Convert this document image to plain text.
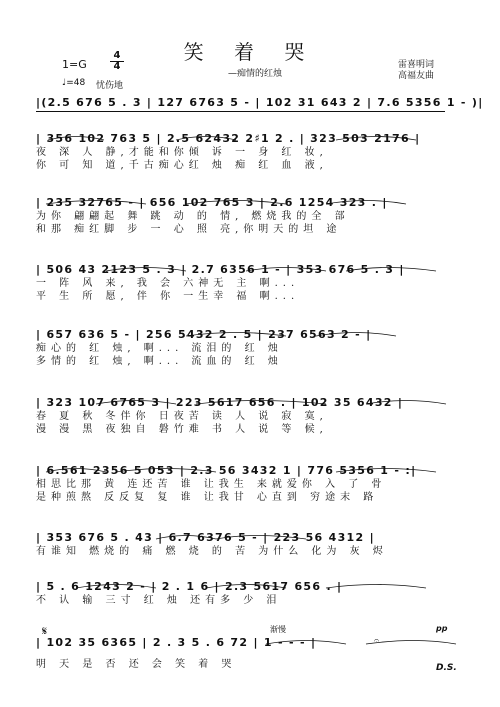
笑 着 哭
—痴情的红烛
1=G
4
4
♩=48 忧伤地
雷喜明词
高福友曲
|(2.5 676 5 . 3 | 127 6763 5 - | 102 31 643 2 | 7.6 5356 1 - )|
| 356 102 763 5 | 2.5 62432 2♯1 2 . | 323 503 2176 |
夜 深 人 静,才能和你倾 诉 一 身 红 妆,
你 可 知 道,千古痴心红 烛 痴 红 血 液,
| 235 32765 - | 656 102 765 3 | 2.6 1254 323 . |
为你 翩翩起 舞 跳 动 的 情, 燃烧我的全 部
和那 痴红脚 步 一 心 照 亮,你明天的坦 途
| 506 43 2123 5 . 3 | 2.7 6356 1 - | 353 676 5 . 3 |
一 阵 风 来, 我 会 六神无 主 啊...
平 生 所 愿, 伴 你 一生幸 福 啊...
| 657 636 5 - | 256 5432 2 . 5 | 237 6563 2 - |
痴心的 红 烛, 啊... 流泪的 红 烛
多情的 红 烛, 啊... 流血的 红 烛
| 323 107 6765 3 | 223 5617 656 . | 102 35 6432 |
春 夏 秋 冬伴你 日夜苦 读 人 说 寂 寞,
漫 漫 黑 夜独自 磐竹难 书 人 说 等 候,
| 6.561 2356 5 053 | 2.3 56 3432 1 | 776 5356 1 - :|
相思比那 黄 连还苦 谁 让我生 来就爱你 入 了 骨
是种煎熬 反反复 复 谁 让我甘 心直到 穷途末 路
| 353 676 5 . 43 | 6.7 6376 5 - | 223 56 4312 |
有谁知 燃烧的 痛 燃 烧 的 苦 为什么 化为 灰 烬
| 5 . 6 1243 2 - | 2 . 1 6 | 2.3 5617 656 . |
不 认 输 三寸 红 烛 还有多 少 泪
| 102 35 6365 | 2 . 3 5 . 6 72 | 1 - - - |
明 天 是 否 还 会 笑 着 哭
𝄋	渐慢	pp
𝄐
D.S.
